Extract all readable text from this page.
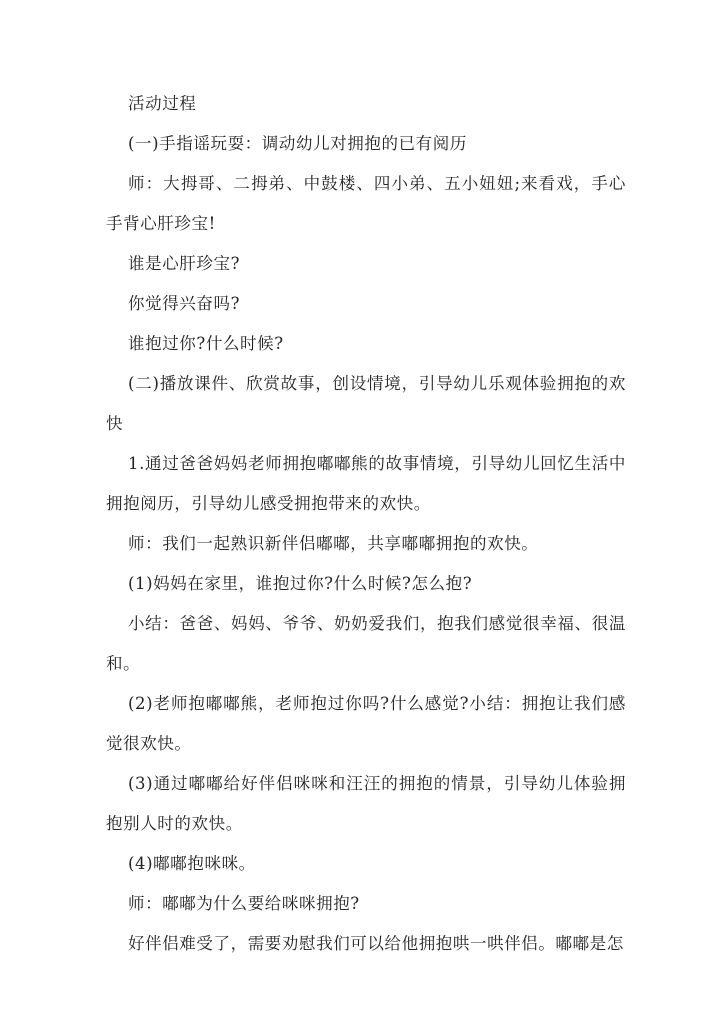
活动过程

(一)手指谣玩耍：调动幼儿对拥抱的已有阅历

师：大拇哥、二拇弟、中鼓楼、四小弟、五小妞妞;来看戏，手心手背心肝珍宝!

谁是心肝珍宝?

你觉得兴奋吗?

谁抱过你?什么时候?

(二)播放课件、欣赏故事，创设情境，引导幼儿乐观体验拥抱的欢快

1.通过爸爸妈妈老师拥抱嘟嘟熊的故事情境，引导幼儿回忆生活中拥抱阅历，引导幼儿感受拥抱带来的欢快。

师：我们一起熟识新伴侣嘟嘟，共享嘟嘟拥抱的欢快。

(1)妈妈在家里，谁抱过你?什么时候?怎么抱?

小结：爸爸、妈妈、爷爷、奶奶爱我们，抱我们感觉很幸福、很温和。

(2)老师抱嘟嘟熊，老师抱过你吗?什么感觉?小结：拥抱让我们感觉很欢快。

(3)通过嘟嘟给好伴侣咪咪和汪汪的拥抱的情景，引导幼儿体验拥抱别人时的欢快。

(4)嘟嘟抱咪咪。

师：嘟嘟为什么要给咪咪拥抱?

好伴侣难受了，需要劝慰我们可以给他拥抱哄一哄伴侣。嘟嘟是怎
